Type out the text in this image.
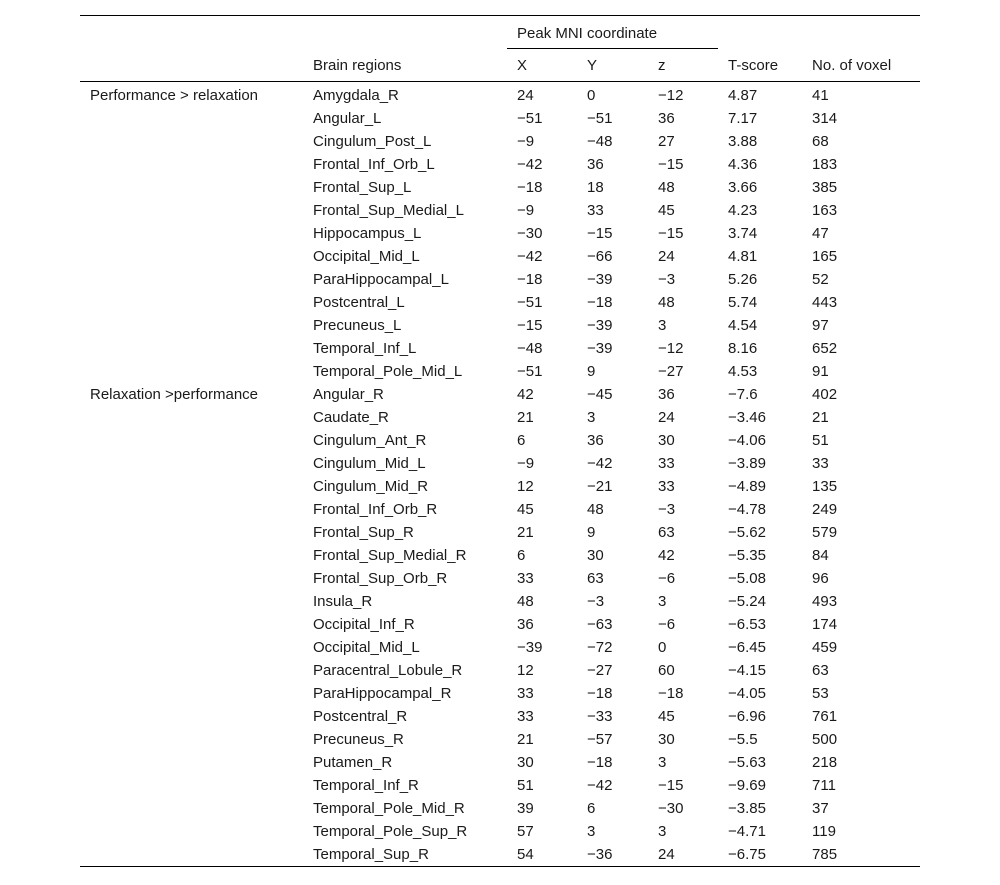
		Peak MNI coordinate		

	Brain regions	X	Y	z	T-score	No. of voxel
Performance > relaxation	Amygdala_R	24	0	−12	4.87	41
	Angular_L	−51	−51	36	7.17	314
	Cingulum_Post_L	−9	−48	27	3.88	68
	Frontal_Inf_Orb_L	−42	36	−15	4.36	183
	Frontal_Sup_L	−18	18	48	3.66	385
	Frontal_Sup_Medial_L	−9	33	45	4.23	163
	Hippocampus_L	−30	−15	−15	3.74	47
	Occipital_Mid_L	−42	−66	24	4.81	165
	ParaHippocampal_L	−18	−39	−3	5.26	52
	Postcentral_L	−51	−18	48	5.74	443
	Precuneus_L	−15	−39	3	4.54	97
	Temporal_Inf_L	−48	−39	−12	8.16	652
	Temporal_Pole_Mid_L	−51	9	−27	4.53	91
Relaxation >performance	Angular_R	42	−45	36	−7.6	402
	Caudate_R	21	3	24	−3.46	21
	Cingulum_Ant_R	6	36	30	−4.06	51
	Cingulum_Mid_L	−9	−42	33	−3.89	33
	Cingulum_Mid_R	12	−21	33	−4.89	135
	Frontal_Inf_Orb_R	45	48	−3	−4.78	249
	Frontal_Sup_R	21	9	63	−5.62	579
	Frontal_Sup_Medial_R	6	30	42	−5.35	84
	Frontal_Sup_Orb_R	33	63	−6	−5.08	96
	Insula_R	48	−3	3	−5.24	493
	Occipital_Inf_R	36	−63	−6	−6.53	174
	Occipital_Mid_L	−39	−72	0	−6.45	459
	Paracentral_Lobule_R	12	−27	60	−4.15	63
	ParaHippocampal_R	33	−18	−18	−4.05	53
	Postcentral_R	33	−33	45	−6.96	761
	Precuneus_R	21	−57	30	−5.5	500
	Putamen_R	30	−18	3	−5.63	218
	Temporal_Inf_R	51	−42	−15	−9.69	711
	Temporal_Pole_Mid_R	39	6	−30	−3.85	37
	Temporal_Pole_Sup_R	57	3	3	−4.71	119
	Temporal_Sup_R	54	−36	24	−6.75	785
